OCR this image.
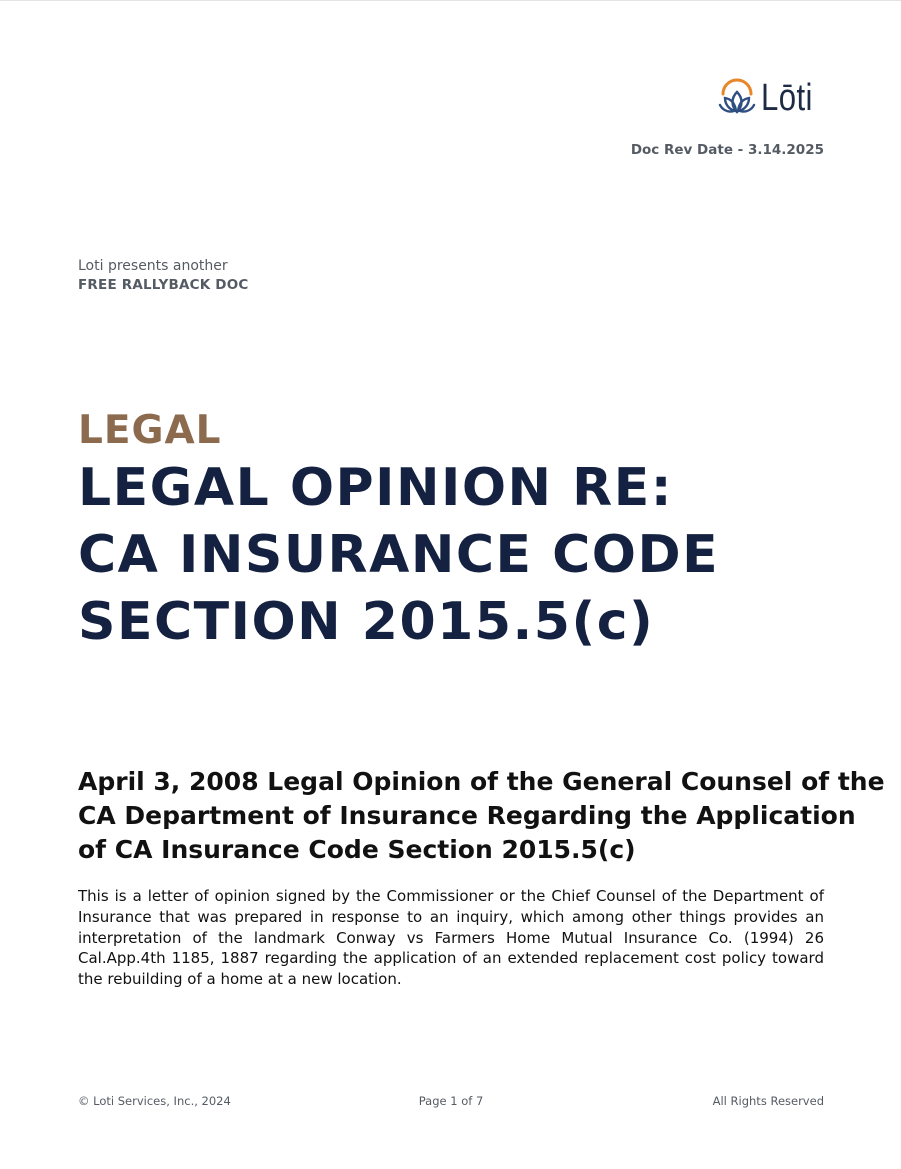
Lōti
Doc Rev Date - 3.14.2025
Loti presents another
FREE RALLYBACK DOC
LEGAL
LEGAL OPINION RE:
CA INSURANCE CODE
SECTION 2015.5(c)
April 3, 2008 Legal Opinion of the General Counsel of the
CA Department of Insurance Regarding the Application
of CA Insurance Code Section 2015.5(c)

This is a letter of opinion signed by the Commissioner or the Chief Counsel of the Department of Insurance that was prepared in response to an inquiry, which among other things provides an interpretation of the landmark Conway vs Farmers Home Mutual Insurance Co. (1994) 26 Cal.App.4th 1185, 1887 regarding the application of an extended replacement cost policy toward the rebuilding of a home at a new location.

© Loti Services, Inc., 2024	Page 1 of 7	All Rights Reserved
